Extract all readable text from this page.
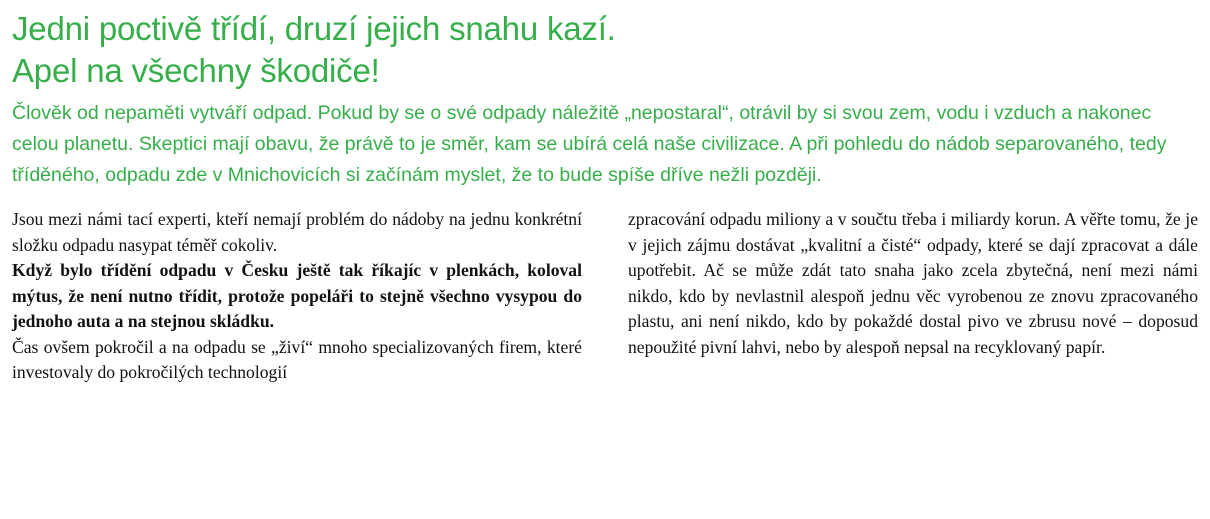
Jedni poctivě třídí, druzí jejich snahu kazí.
Apel na všechny škodiče!

Člověk od nepaměti vytváří odpad. Pokud by se o své odpady náležitě „nepostaral“, otrávil by si svou zem, vodu i vzduch a nakonec celou planetu. Skeptici mají obavu, že právě to je směr, kam se ubírá celá naše civilizace. A při pohledu do nádob separovaného, tedy tříděného, odpadu zde v Mnichovicích si začínám myslet, že to bude spíše dříve nežli později.

Jsou mezi námi tací experti, kteří nemají problém do nádoby na jednu konkrétní složku odpadu nasypat téměř cokoliv.

Když bylo třídění odpadu v Česku ještě tak říkajíc v plenkách, koloval mýtus, že není nutno třídit, protože popeláři to stejně všechno vysypou do jednoho auta a na stejnou skládku.

Čas ovšem pokročil a na odpadu se „živí“ mnoho specializovaných firem, které investovaly do pokročilých technologií

zpracování odpadu miliony a v součtu třeba i miliardy korun. A věřte tomu, že je v jejich zájmu dostávat „kvalitní a čisté“ odpady, které se dají zpracovat a dále upotřebit. Ač se může zdát tato snaha jako zcela zbytečná, není mezi námi nikdo, kdo by nevlastnil alespoň jednu věc vyrobenou ze znovu zpracovaného plastu, ani není nikdo, kdo by pokaždé dostal pivo ve zbrusu nové – doposud nepoužité pivní lahvi, nebo by alespoň nepsal na recyklovaný papír.
